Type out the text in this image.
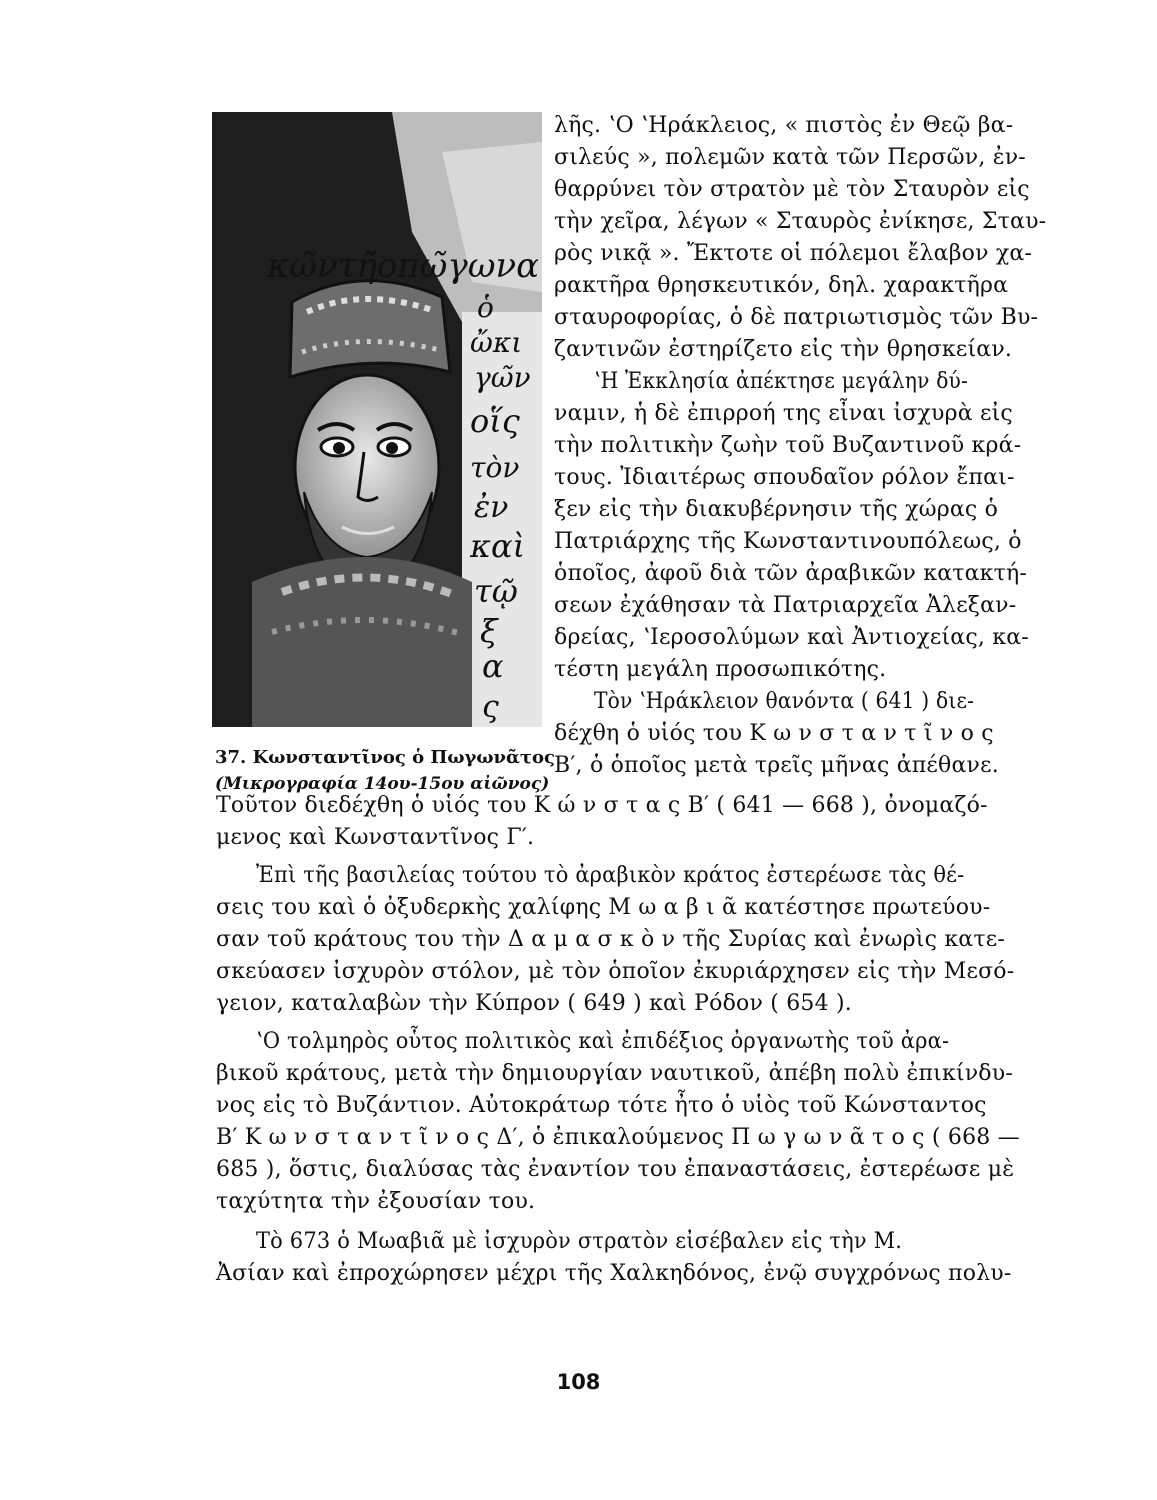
κω̃ντῆοπω̃γωνα
ὁ
ὤκι
γω̃ν
οἵς
τὸν
ἐν
καὶ
τῷ
ξ
α
ς
37. Κωνσταντῖνος ὁ Πωγωνᾶτος
(Μικρογραφία 14ου-15ου αἰῶνος)
λῆς. ʽΟ ʽΗράκλειος, « πιστὸς ἐν Θεῷ βα-
σιλεύς », πολεμῶν κατὰ τῶν Περσῶν, ἐν-
θαρρύνει τὸν στρατὸν μὲ τὸν Σταυρὸν εἰς
τὴν χεῖρα, λέγων « Σταυρὸς ἐνίκησε, Σταυ-
ρὸς νικᾷ ». Ἔκτοτε οἱ πόλεμοι ἔλαβον χα-
ρακτῆρα θρησκευτικόν, δηλ. χαρακτῆρα
σταυροφορίας, ὁ δὲ πατριωτισμὸς τῶν Βυ-
ζαντινῶν ἐστηρίζετο εἰς τὴν θρησκείαν.
ʽΗ Ἐκκλησία ἀπέκτησε μεγάλην δύ-
ναμιν, ἡ δὲ ἐπιρροή της εἶναι ἰσχυρὰ εἰς
τὴν πολιτικὴν ζωὴν τοῦ Βυζαντινοῦ κρά-
τους. Ἰδιαιτέρως σπουδαῖον ρόλον ἔπαι-
ξεν εἰς τὴν διακυβέρνησιν τῆς χώρας ὁ
Πατριάρχης τῆς Κωνσταντινουπόλεως, ὁ
ὁποῖος, ἀφοῦ διὰ τῶν ἀραβικῶν κατακτή-
σεων ἐχάθησαν τὰ Πατριαρχεῖα Ἀλεξαν-
δρείας, ʽΙεροσολύμων καὶ Ἀντιοχείας, κα-
τέστη μεγάλη προσωπικότης.
Τὸν ʽΗράκλειον θανόντα ( 641 ) διε-
δέχθη ὁ υἱός του Κ ω ν σ τ α ν τ ῖ ν ο ς
Β′, ὁ ὁποῖος μετὰ τρεῖς μῆνας ἀπέθανε.
Τοῦτον διεδέχθη ὁ υἱός του Κ ώ ν σ τ α ς Β′ ( 641 — 668 ), ὀνομαζό-
μενος καὶ Κωνσταντῖνος Γ′.
Ἐπὶ τῆς βασιλείας τούτου τὸ ἀραβικὸν κράτος ἐστερέωσε τὰς θέ-
σεις του καὶ ὁ ὀξυδερκὴς χαλίφης Μ ω α β ι ᾶ κατέστησε πρωτεύου-
σαν τοῦ κράτους του τὴν Δ α μ α σ κ ὸ ν τῆς Συρίας καὶ ἐνωρὶς κατε-
σκεύασεν ἰσχυρὸν στόλον, μὲ τὸν ὁποῖον ἐκυριάρχησεν εἰς τὴν Μεσό-
γειον, καταλαβὼν τὴν Κύπρον ( 649 ) καὶ Ρόδον ( 654 ).
ʽΟ τολμηρὸς οὗτος πολιτικὸς καὶ ἐπιδέξιος ὀργανωτὴς τοῦ ἀρα-
βικοῦ κράτους, μετὰ τὴν δημιουργίαν ναυτικοῦ, ἀπέβη πολὺ ἐπικίνδυ-
νος εἰς τὸ Βυζάντιον. Αὐτοκράτωρ τότε ἦτο ὁ υἱὸς τοῦ Κώνσταντος
Β′ Κ ω ν σ τ α ν τ ῖ ν ο ς Δ′, ὁ ἐπικαλούμενος Π ω γ ω ν ᾶ τ ο ς ( 668 —
685 ), ὅστις, διαλύσας τὰς ἐναντίον του ἐπαναστάσεις, ἐστερέωσε μὲ
ταχύτητα τὴν ἐξουσίαν του.
Τὸ 673 ὁ Μωαβιᾶ μὲ ἰσχυρὸν στρατὸν εἰσέβαλεν εἰς τὴν Μ.
Ἀσίαν καὶ ἐπροχώρησεν μέχρι τῆς Χαλκηδόνος, ἐνῷ συγχρόνως πολυ-
108
